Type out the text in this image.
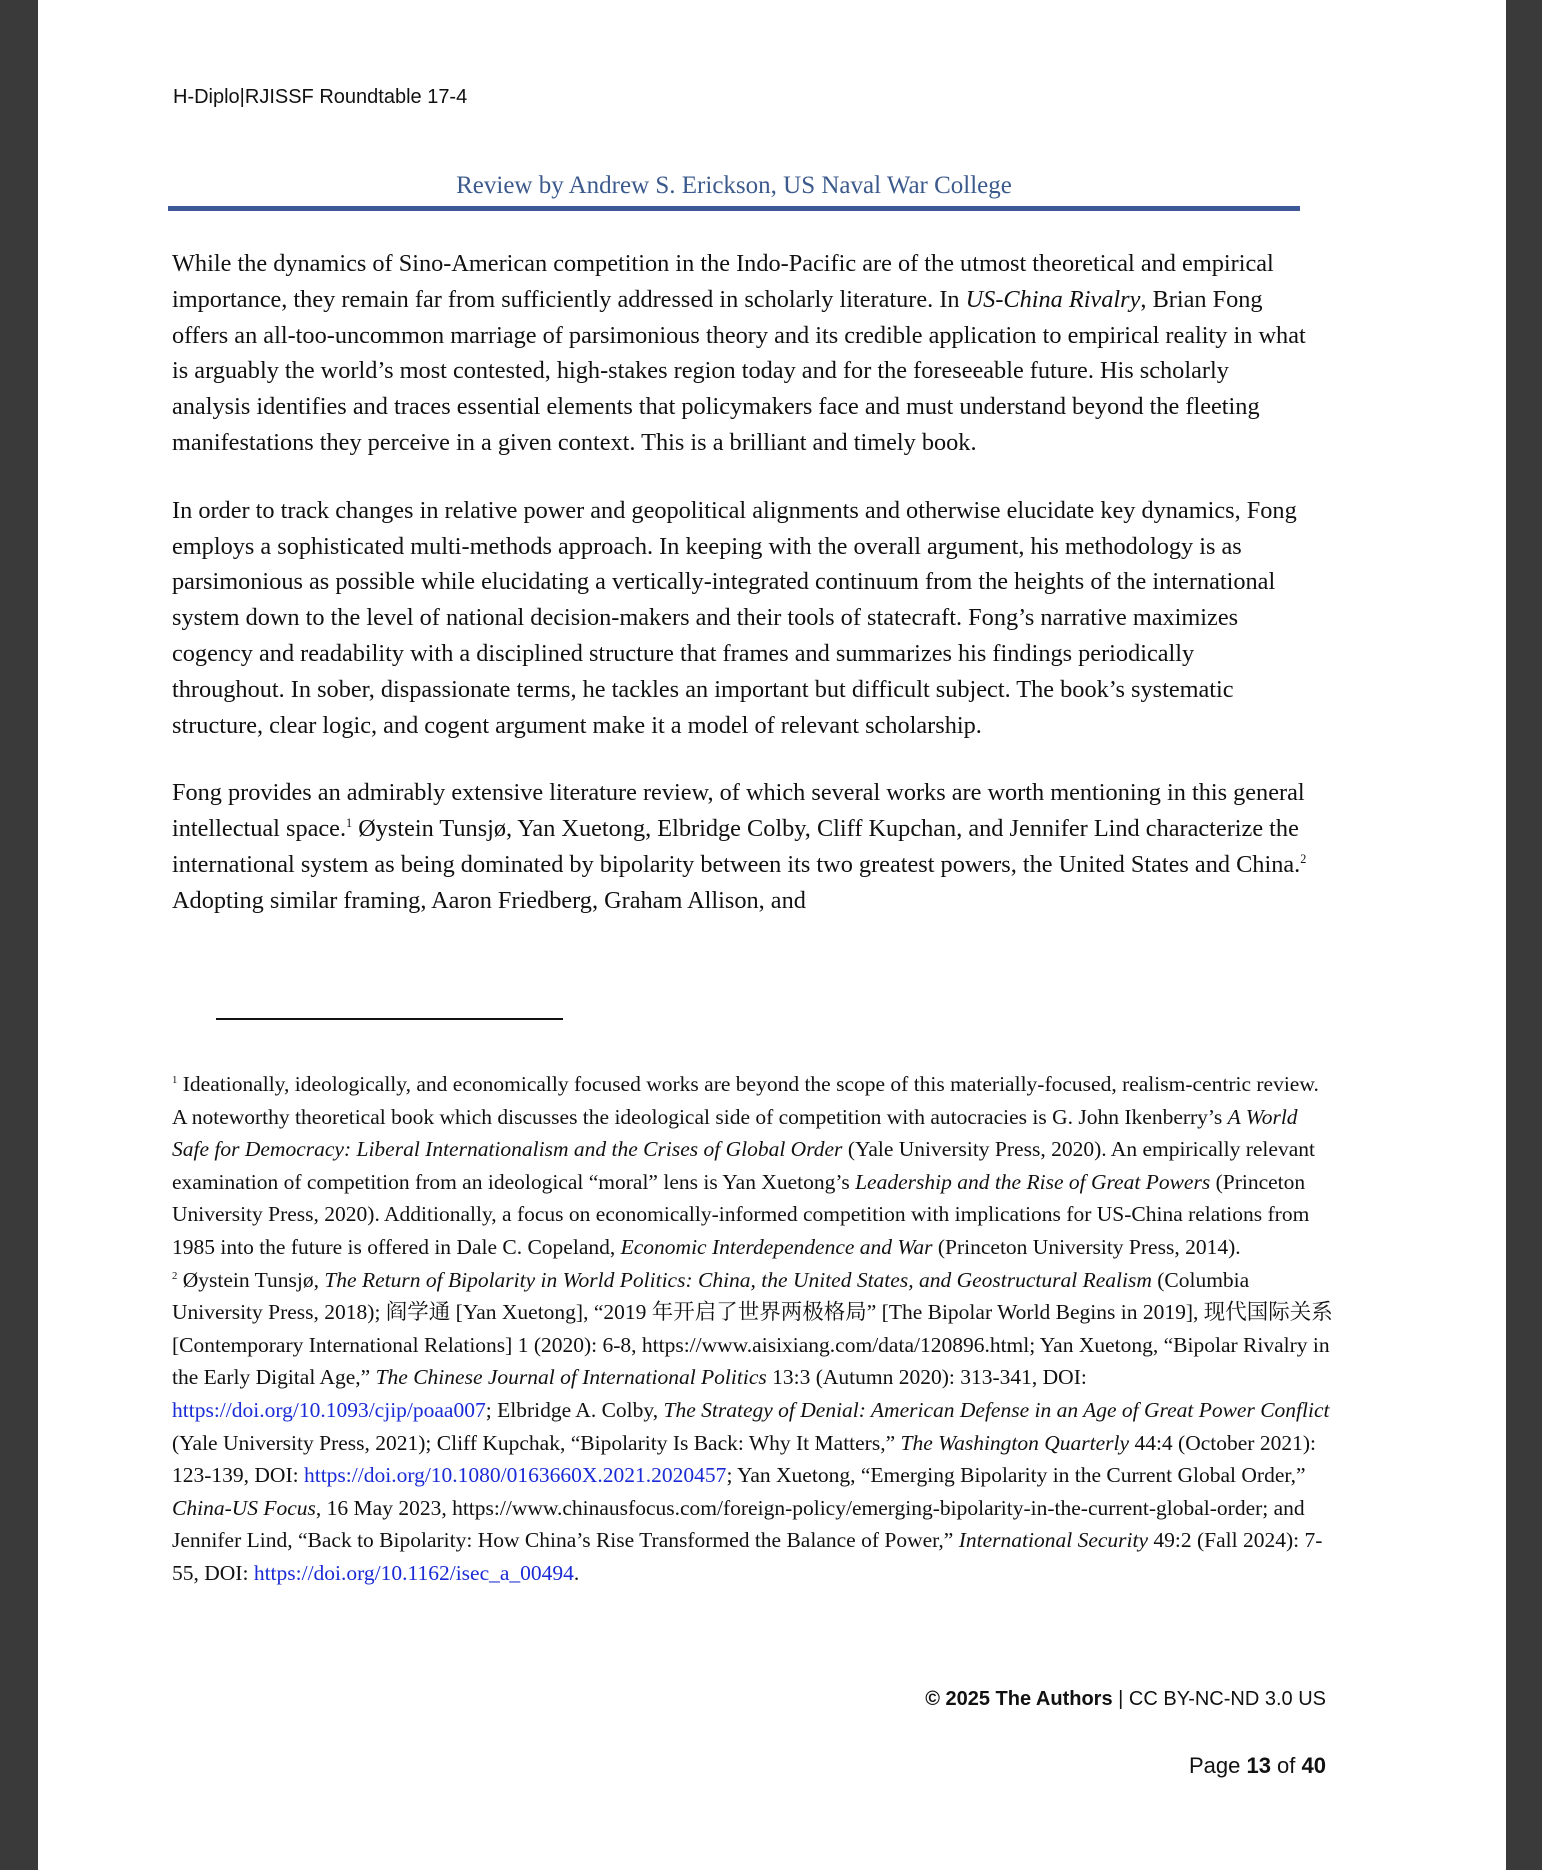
H-Diplo|RJISSF Roundtable 17-4
Review by Andrew S. Erickson, US Naval War College

While the dynamics of Sino-American competition in the Indo-Pacific are of the utmost theoretical and empirical importance, they remain far from sufficiently addressed in scholarly literature. In US-China Rivalry, Brian Fong offers an all-too-uncommon marriage of parsimonious theory and its credible application to empirical reality in what is arguably the world’s most contested, high-stakes region today and for the foreseeable future. His scholarly analysis identifies and traces essential elements that policymakers face and must understand beyond the fleeting manifestations they perceive in a given context. This is a brilliant and timely book.

In order to track changes in relative power and geopolitical alignments and otherwise elucidate key dynamics, Fong employs a sophisticated multi-methods approach. In keeping with the overall argument, his methodology is as parsimonious as possible while elucidating a vertically-integrated continuum from the heights of the international system down to the level of national decision-makers and their tools of statecraft. Fong’s narrative maximizes cogency and readability with a disciplined structure that frames and summarizes his findings periodically throughout. In sober, dispassionate terms, he tackles an important but difficult subject. The book’s systematic structure, clear logic, and cogent argument make it a model of relevant scholarship.

Fong provides an admirably extensive literature review, of which several works are worth mentioning in this general intellectual space.$^1$ Øystein Tunsjø, Yan Xuetong, Elbridge Colby, Cliff Kupchan, and Jennifer Lind characterize the international system as being dominated by bipolarity between its two greatest powers, the United States and China.$^2$ Adopting similar framing, Aaron Friedberg, Graham Allison, and

$^1$ Ideationally, ideologically, and economically focused works are beyond the scope of this materially-focused, realism-centric review. A noteworthy theoretical book which discusses the ideological side of competition with autocracies is G. John Ikenberry’s A World Safe for Democracy: Liberal Internationalism and the Crises of Global Order (Yale University Press, 2020). An empirically relevant examination of competition from an ideological “moral” lens is Yan Xuetong’s Leadership and the Rise of Great Powers (Princeton University Press, 2020). Additionally, a focus on economically-informed competition with implications for US-China relations from 1985 into the future is offered in Dale C. Copeland, Economic Interdependence and War (Princeton University Press, 2014).

$^2$ Øystein Tunsjø, The Return of Bipolarity in World Politics: China, the United States, and Geostructural Realism (Columbia University Press, 2018); 阎学通 [Yan Xuetong], “2019 年开启了世界两极格局” [The Bipolar World Begins in 2019], 现代国际关系 [Contemporary International Relations] 1 (2020): 6-8, https://www.aisixiang.com/data/120896.html; Yan Xuetong, “Bipolar Rivalry in the Early Digital Age,” The Chinese Journal of International Politics 13:3 (Autumn 2020): 313-341, DOI: https://doi.org/10.1093/cjip/poaa007; Elbridge A. Colby, The Strategy of Denial: American Defense in an Age of Great Power Conflict (Yale University Press, 2021); Cliff Kupchak, “Bipolarity Is Back: Why It Matters,” The Washington Quarterly 44:4 (October 2021): 123-139, DOI: https://doi.org/10.1080/0163660X.2021.2020457; Yan Xuetong, “Emerging Bipolarity in the Current Global Order,” China-US Focus, 16 May 2023, https://www.chinausfocus.com/foreign-policy/emerging-bipolarity-in-the-current-global-order; and Jennifer Lind, “Back to Bipolarity: How China’s Rise Transformed the Balance of Power,” International Security 49:2 (Fall 2024): 7-55, DOI: https://doi.org/10.1162/isec_a_00494.

© 2025 The Authors | CC BY-NC-ND 3.0 US
Page 13 of 40
